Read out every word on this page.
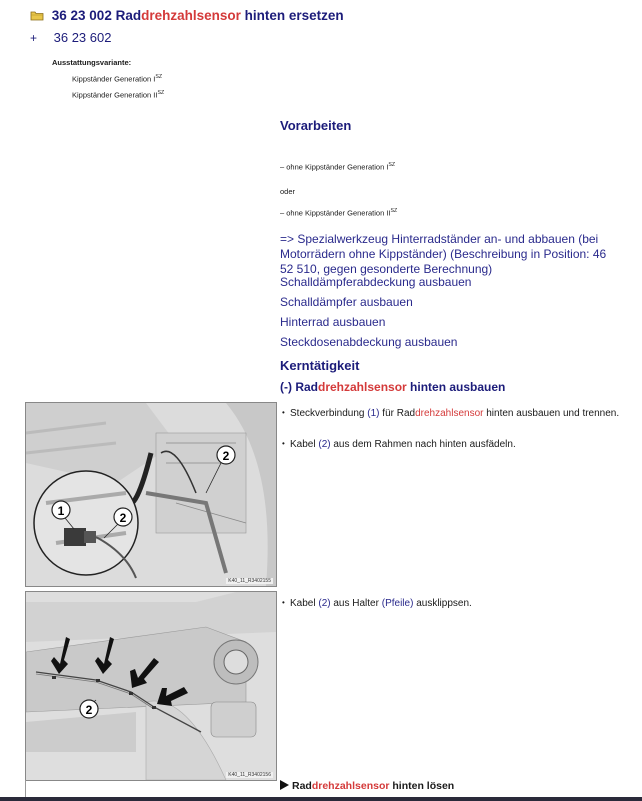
36 23 002 Raddrehzahlsensor hinten ersetzen
+ 36 23 602
Ausstattungsvariante:
Kippständer Generation $I^{SZ}$
Kippständer Generation $II^{SZ}$
Vorarbeiten
– ohne Kippständer Generation $I^{SZ}$
oder
– ohne Kippständer Generation $II^{SZ}$
=> Spezialwerkzeug Hinterradständer an- und abbauen (bei Motorrädern ohne Kippständer) (Beschreibung in Position: 46 52 510, gegen gesonderte Berechnung)
Schalldämpferabdeckung ausbauen
Schalldämpfer ausbauen
Hinterrad ausbauen
Steckdosenabdeckung ausbauen
Kerntätigkeit
(-) Raddrehzahlsensor hinten ausbauen
1	2
2
K40_11_R3402155
• Steckverbindung (1) für Raddrehzahlsensor hinten ausbauen und trennen.
• Kabel (2) aus dem Rahmen nach hinten ausfädeln.
2
K40_11_R3402156
• Kabel (2) aus Halter (Pfeile) ausklippsen.
Raddrehzahlsensor hinten lösen
